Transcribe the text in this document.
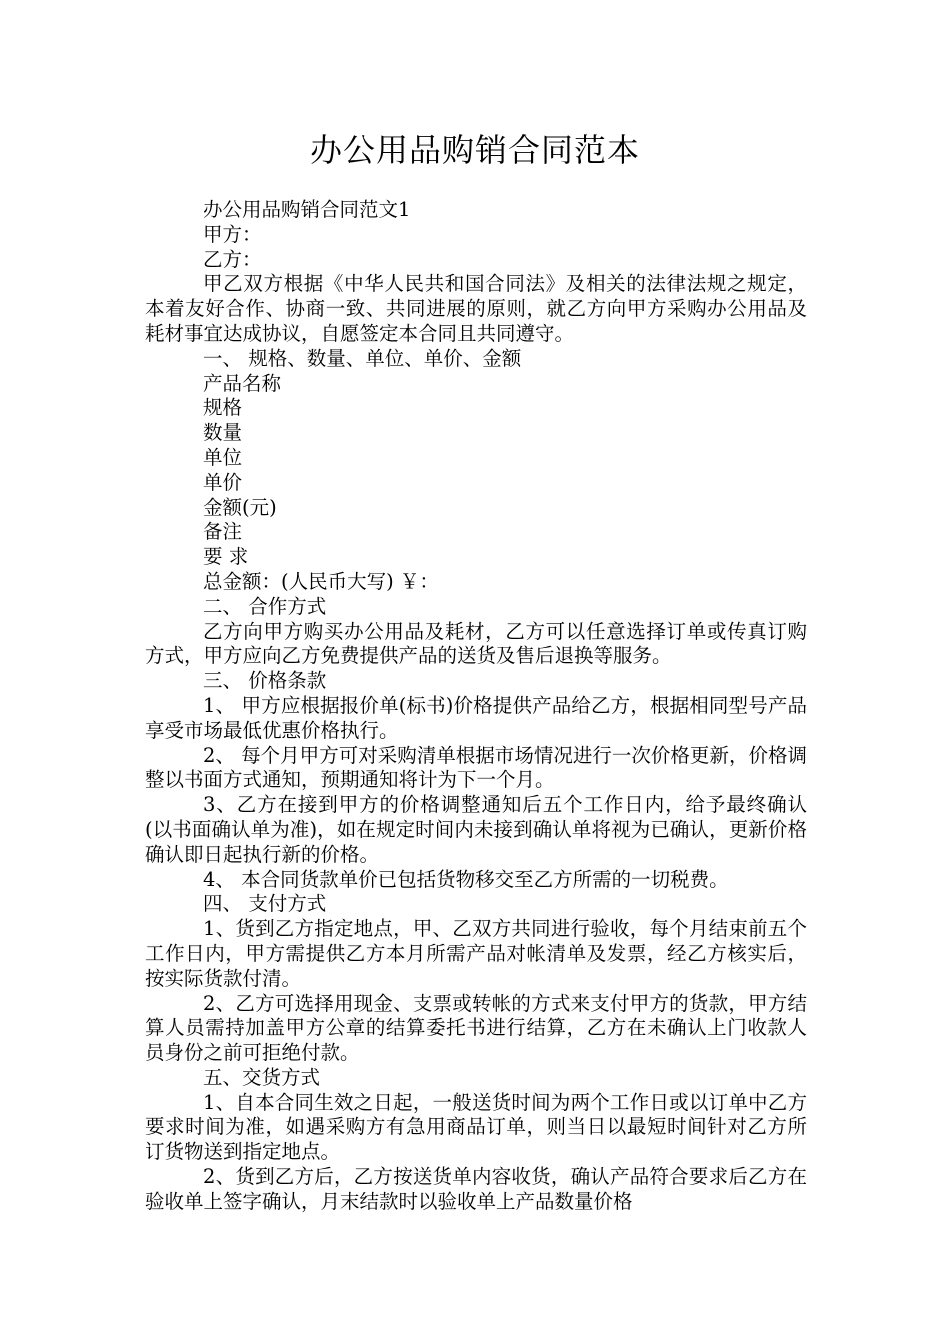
办公用品购销合同范本

办公用品购销合同范文1

甲方：

乙方：

甲乙双方根据《中华人民共和国合同法》及相关的法律法规之规定，本着友好合作、协商一致、共同进展的原则，就乙方向甲方采购办公用品及耗材事宜达成协议，自愿签定本合同且共同遵守。

一、 规格、数量、单位、单价、金额

产品名称

规格

数量

单位

单价

金额(元)

备注

要 求

总金额：(人民币大写) ￥：

二、 合作方式

乙方向甲方购买办公用品及耗材，乙方可以任意选择订单或传真订购方式，甲方应向乙方免费提供产品的送货及售后退换等服务。

三、 价格条款

1、 甲方应根据报价单(标书)价格提供产品给乙方，根据相同型号产品享受市场最低优惠价格执行。

2、 每个月甲方可对采购清单根据市场情况进行一次价格更新，价格调整以书面方式通知，预期通知将计为下一个月。

3、乙方在接到甲方的价格调整通知后五个工作日内，给予最终确认(以书面确认单为准)，如在规定时间内未接到确认单将视为已确认，更新价格确认即日起执行新的价格。

4、 本合同货款单价已包括货物移交至乙方所需的一切税费。

四、 支付方式

1、货到乙方指定地点，甲、乙双方共同进行验收，每个月结束前五个工作日内，甲方需提供乙方本月所需产品对帐清单及发票，经乙方核实后，按实际货款付清。

2、乙方可选择用现金、支票或转帐的方式来支付甲方的货款，甲方结算人员需持加盖甲方公章的结算委托书进行结算，乙方在未确认上门收款人员身份之前可拒绝付款。

五、交货方式

1、自本合同生效之日起，一般送货时间为两个工作日或以订单中乙方要求时间为准，如遇采购方有急用商品订单，则当日以最短时间针对乙方所订货物送到指定地点。

2、货到乙方后，乙方按送货单内容收货，确认产品符合要求后乙方在验收单上签字确认，月末结款时以验收单上产品数量价格
